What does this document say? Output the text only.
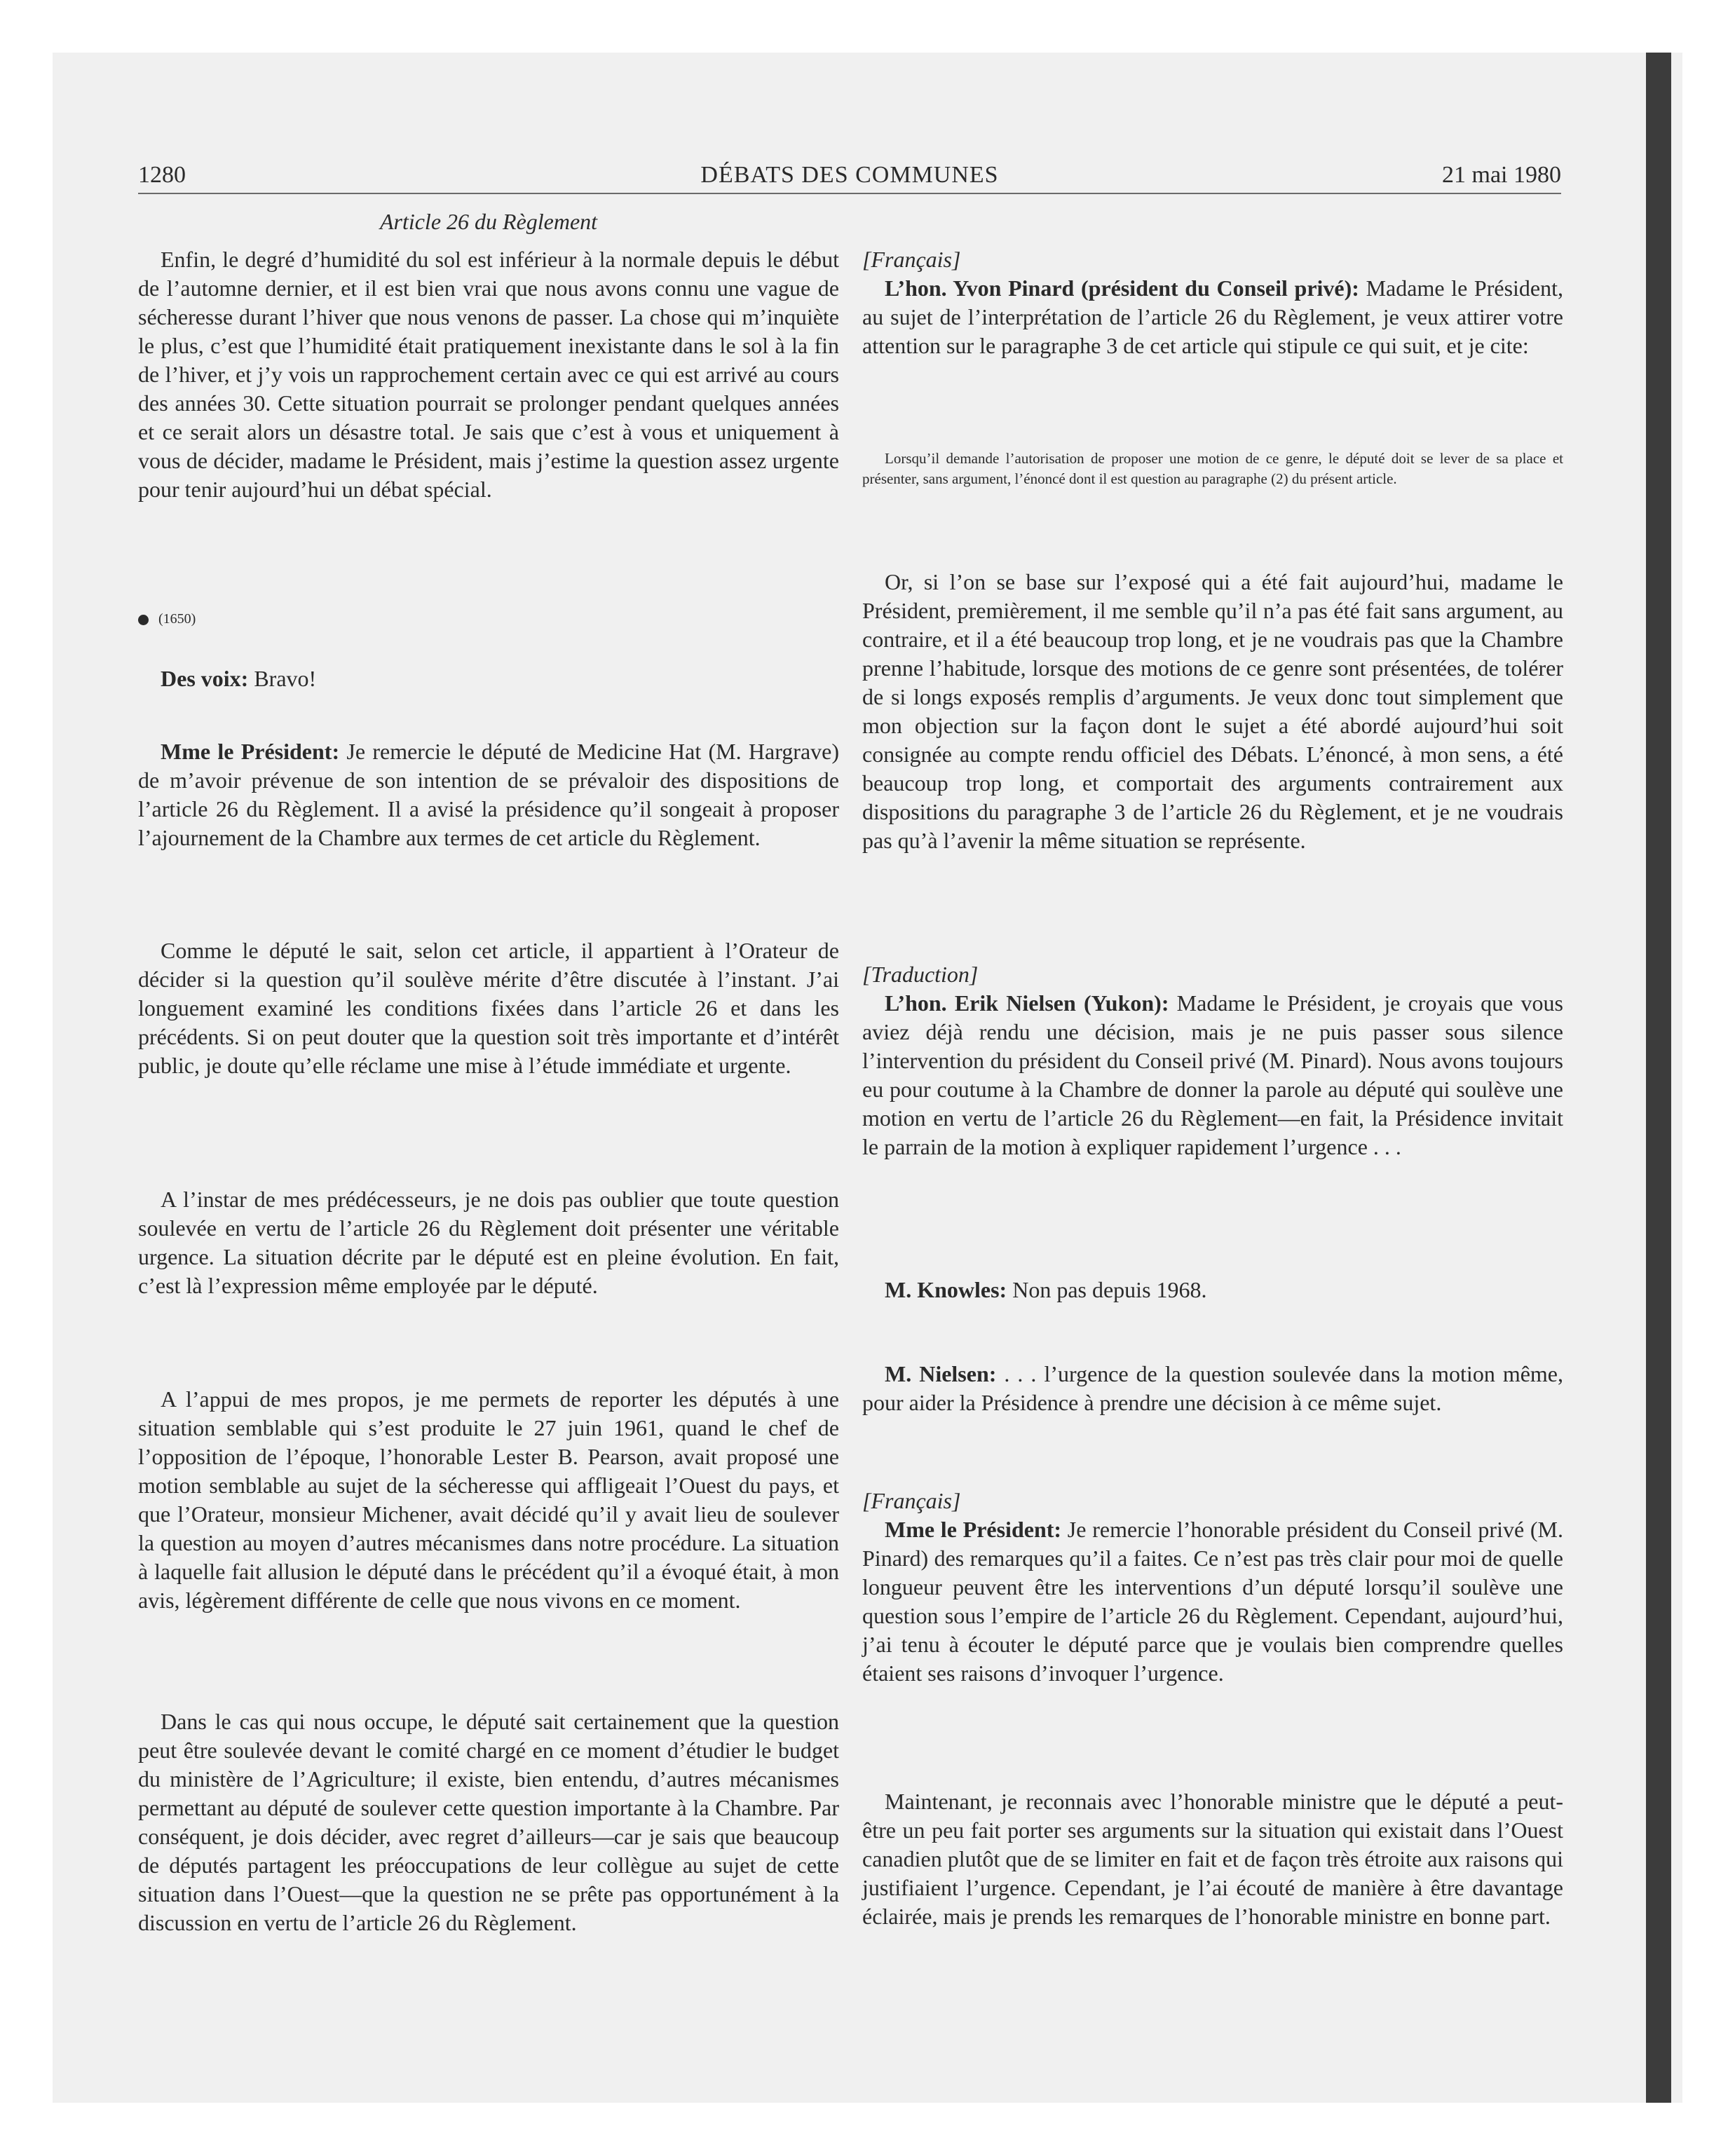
1280	DÉBATS DES COMMUNES	21 mai 1980

Article 26 du Règlement

Enfin, le degré d’humidité du sol est inférieur à la normale depuis le début de l’automne dernier, et il est bien vrai que nous avons connu une vague de sécheresse durant l’hiver que nous venons de passer. La chose qui m’inquiète le plus, c’est que l’humidité était pratiquement inexistante dans le sol à la fin de l’hiver, et j’y vois un rapprochement certain avec ce qui est arrivé au cours des années 30. Cette situation pourrait se prolonger pendant quelques années et ce serait alors un désastre total. Je sais que c’est à vous et uniquement à vous de décider, madame le Président, mais j’estime la question assez urgente pour tenir aujourd’hui un débat spécial.

(1650)

Des voix: Bravo!

Mme le Président: Je remercie le député de Medicine Hat (M. Hargrave) de m’avoir prévenue de son intention de se prévaloir des dispositions de l’article 26 du Règlement. Il a avisé la présidence qu’il songeait à proposer l’ajournement de la Chambre aux termes de cet article du Règlement.

Comme le député le sait, selon cet article, il appartient à l’Orateur de décider si la question qu’il soulève mérite d’être discutée à l’instant. J’ai longuement examiné les conditions fixées dans l’article 26 et dans les précédents. Si on peut douter que la question soit très importante et d’intérêt public, je doute qu’elle réclame une mise à l’étude immédiate et urgente.

A l’instar de mes prédécesseurs, je ne dois pas oublier que toute question soulevée en vertu de l’article 26 du Règlement doit présenter une véritable urgence. La situation décrite par le député est en pleine évolution. En fait, c’est là l’expression même employée par le député.

A l’appui de mes propos, je me permets de reporter les députés à une situation semblable qui s’est produite le 27 juin 1961, quand le chef de l’opposition de l’époque, l’honorable Lester B. Pearson, avait proposé une motion semblable au sujet de la sécheresse qui affligeait l’Ouest du pays, et que l’Orateur, monsieur Michener, avait décidé qu’il y avait lieu de soulever la question au moyen d’autres mécanismes dans notre procédure. La situation à laquelle fait allusion le député dans le précédent qu’il a évoqué était, à mon avis, légèrement différente de celle que nous vivons en ce moment.

Dans le cas qui nous occupe, le député sait certainement que la question peut être soulevée devant le comité chargé en ce moment d’étudier le budget du ministère de l’Agriculture; il existe, bien entendu, d’autres mécanismes permettant au député de soulever cette question importante à la Chambre. Par conséquent, je dois décider, avec regret d’ailleurs—car je sais que beaucoup de députés partagent les préoccupations de leur collègue au sujet de cette situation dans l’Ouest—que la question ne se prête pas opportunément à la discussion en vertu de l’article 26 du Règlement.

[Français]

L’hon. Yvon Pinard (président du Conseil privé): Madame le Président, au sujet de l’interprétation de l’article 26 du Règlement, je veux attirer votre attention sur le paragraphe 3 de cet article qui stipule ce qui suit, et je cite:

Lorsqu’il demande l’autorisation de proposer une motion de ce genre, le député doit se lever de sa place et présenter, sans argument, l’énoncé dont il est question au paragraphe (2) du présent article.

Or, si l’on se base sur l’exposé qui a été fait aujourd’hui, madame le Président, premièrement, il me semble qu’il n’a pas été fait sans argument, au contraire, et il a été beaucoup trop long, et je ne voudrais pas que la Chambre prenne l’habitude, lorsque des motions de ce genre sont présentées, de tolérer de si longs exposés remplis d’arguments. Je veux donc tout simplement que mon objection sur la façon dont le sujet a été abordé aujourd’hui soit consignée au compte rendu officiel des Débats. L’énoncé, à mon sens, a été beaucoup trop long, et comportait des arguments contrairement aux dispositions du paragraphe 3 de l’article 26 du Règlement, et je ne voudrais pas qu’à l’avenir la même situation se représente.

[Traduction]

L’hon. Erik Nielsen (Yukon): Madame le Président, je croyais que vous aviez déjà rendu une décision, mais je ne puis passer sous silence l’intervention du président du Conseil privé (M. Pinard). Nous avons toujours eu pour coutume à la Chambre de donner la parole au député qui soulève une motion en vertu de l’article 26 du Règlement—en fait, la Présidence invitait le parrain de la motion à expliquer rapidement l’urgence . . .

M. Knowles: Non pas depuis 1968.

M. Nielsen: . . . l’urgence de la question soulevée dans la motion même, pour aider la Présidence à prendre une décision à ce même sujet.

[Français]

Mme le Président: Je remercie l’honorable président du Conseil privé (M. Pinard) des remarques qu’il a faites. Ce n’est pas très clair pour moi de quelle longueur peuvent être les interventions d’un député lorsqu’il soulève une question sous l’empire de l’article 26 du Règlement. Cependant, aujourd’hui, j’ai tenu à écouter le député parce que je voulais bien comprendre quelles étaient ses raisons d’invoquer l’urgence.

Maintenant, je reconnais avec l’honorable ministre que le député a peut-être un peu fait porter ses arguments sur la situation qui existait dans l’Ouest canadien plutôt que de se limiter en fait et de façon très étroite aux raisons qui justifiaient l’urgence. Cependant, je l’ai écouté de manière à être davantage éclairée, mais je prends les remarques de l’honorable ministre en bonne part.
